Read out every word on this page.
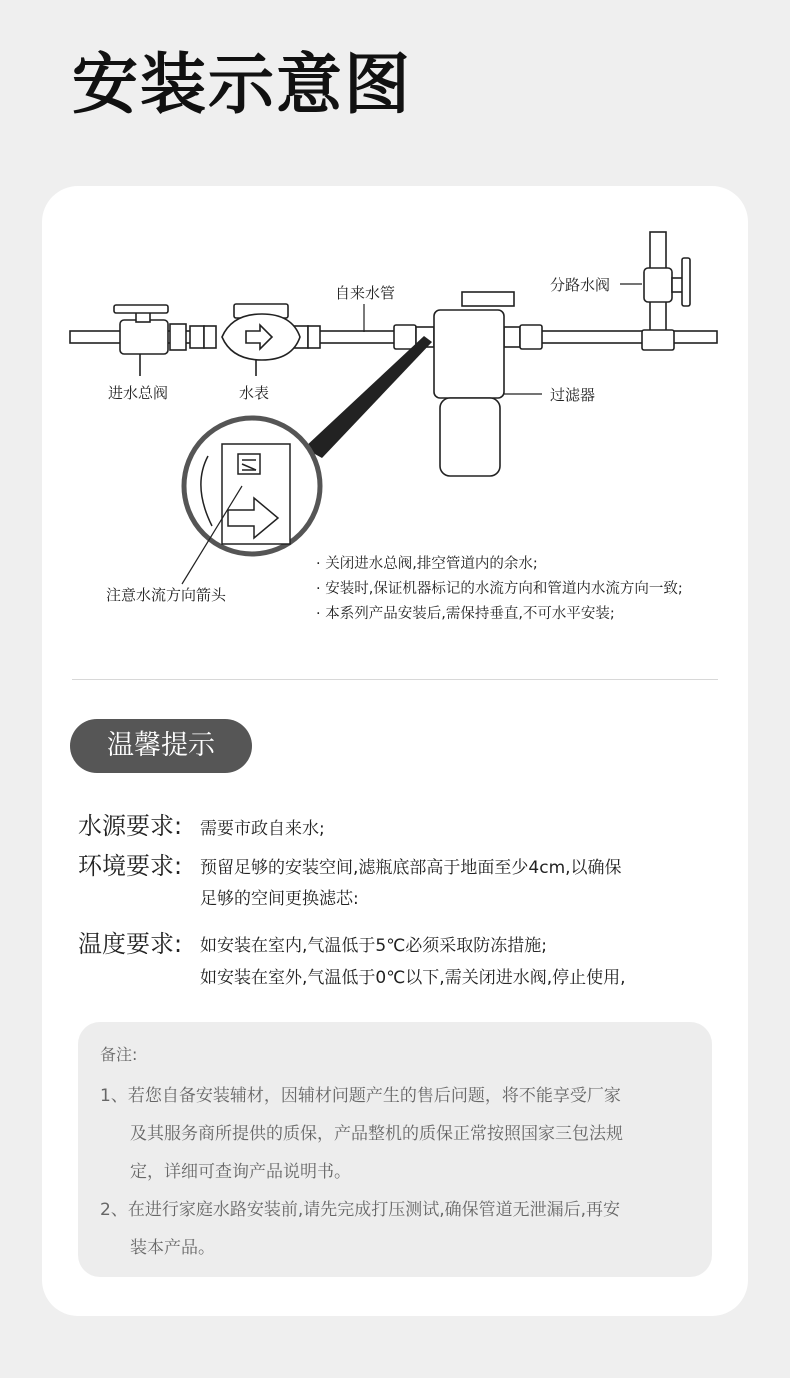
安装示意图
进水总阀	水表
自来水管	分路水阀
过滤器
注意水流方向箭头
· 关闭进水总阀,排空管道内的余水;
· 安装时,保证机器标记的水流方向和管道内水流方向一致;
· 本系列产品安装后,需保持垂直,不可水平安装;
温馨提示
水源要求: 需要市政自来水;
环境要求: 预留足够的安装空间,滤瓶底部高于地面至少4cm,以确保
足够的空间更换滤芯:
温度要求: 如安装在室内,气温低于5℃必须采取防冻措施;
如安装在室外,气温低于0℃以下,需关闭进水阀,停止使用,
备注:
1、若您自备安装辅材，因辅材问题产生的售后问题，将不能享受厂家
及其服务商所提供的质保，产品整机的质保正常按照国家三包法规
定，详细可查询产品说明书。
2、在进行家庭水路安装前,请先完成打压测试,确保管道无泄漏后,再安
装本产品。
